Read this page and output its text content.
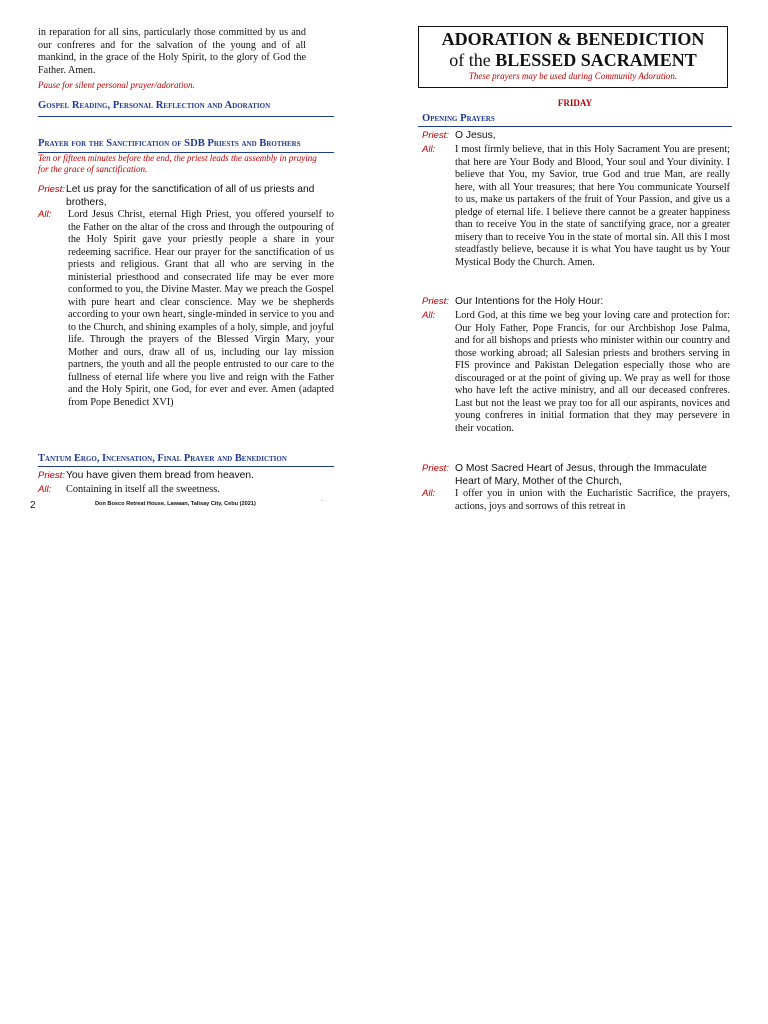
in reparation for all sins, particularly those committed by us and our confreres and for the salvation of the young and of all mankind, in the grace of the Holy Spirit, to the glory of God the Father. Amen.

Pause for silent personal prayer/adoration.
Gospel Reading, Personal Reflection and Adoration
Prayer for the Sanctification of SDB Priests and Brothers
Ten or fifteen minutes before the end, the priest leads the assembly in praying for the grace of sanctification.
Priest: Let us pray for the sanctification of all of us priests and brothers,
All:	Lord Jesus Christ, eternal High Priest, you offered yourself to the Father on the altar of the cross and through the outpouring of the Holy Spirit gave your priestly people a share in your redeeming sacrifice. Hear our prayer for the sanctification of us priests and religious. Grant that all who are serving in the ministerial priesthood and consecrated life may be ever more conformed to you, the Divine Master. May we preach the Gospel with pure heart and clear conscience. May we be shepherds according to your own heart, single-minded in service to you and to the Church, and shining examples of a holy, simple, and joyful life. Through the prayers of the Blessed Virgin Mary, your Mother and ours, draw all of us, including our lay mission partners, the youth and all the people entrusted to our care to the fullness of eternal life where you live and reign with the Father and the Holy Spirit, one God, for ever and ever. Amen (adapted from Pope Benedict XVI)

Tantum Ergo, Incensation, Final Prayer and Benediction
Priest: You have given them bread from heaven.
All:	Containing in itself all the sweetness.
2	Don Bosco Retreat House, Lawaan, Talisay City, Cebu (2021)
.
ADORATION & BENEDICTION
of the BLESSED SACRAMENT
These prayers may be used during Community Adoration.
FRIDAY
Opening Prayers
Priest: O Jesus,
All:	I most firmly believe, that in this Holy Sacrament You are present; that here are Your Body and Blood, Your soul and Your divinity. I believe that You, my Savior, true God and true Man, are really here, with all Your treasures; that here You communicate Yourself to us, make us partakers of the fruit of Your Passion, and give us a pledge of eternal life. I believe there cannot be a greater happiness than to receive You in the state of sanctifying grace, nor a greater misery than to receive You in the state of mortal sin. All this I most steadfastly believe, because it is what You have taught us by Your Mystical Body the Church. Amen.

Priest: Our Intentions for the Holy Hour:
All:	Lord God, at this time we beg your loving care and protection for: Our Holy Father, Pope Francis, for our Archbishop Jose Palma, and for all bishops and priests who minister within our country and those working abroad; all Salesian priests and brothers serving in FIS province and Pakistan Delegation especially those who are discouraged or at the point of giving up. We pray as well for those who have left the active ministry, and all our deceased confreres. Last but not the least we pray too for all our aspirants, novices and young confreres in initial formation that they may persevere in their vocation.

Priest: O Most Sacred Heart of Jesus, through the Immaculate Heart of Mary, Mother of the Church,
All:	I offer you in union with the Eucharistic Sacrifice, the prayers, actions, joys and sorrows of this retreat in
